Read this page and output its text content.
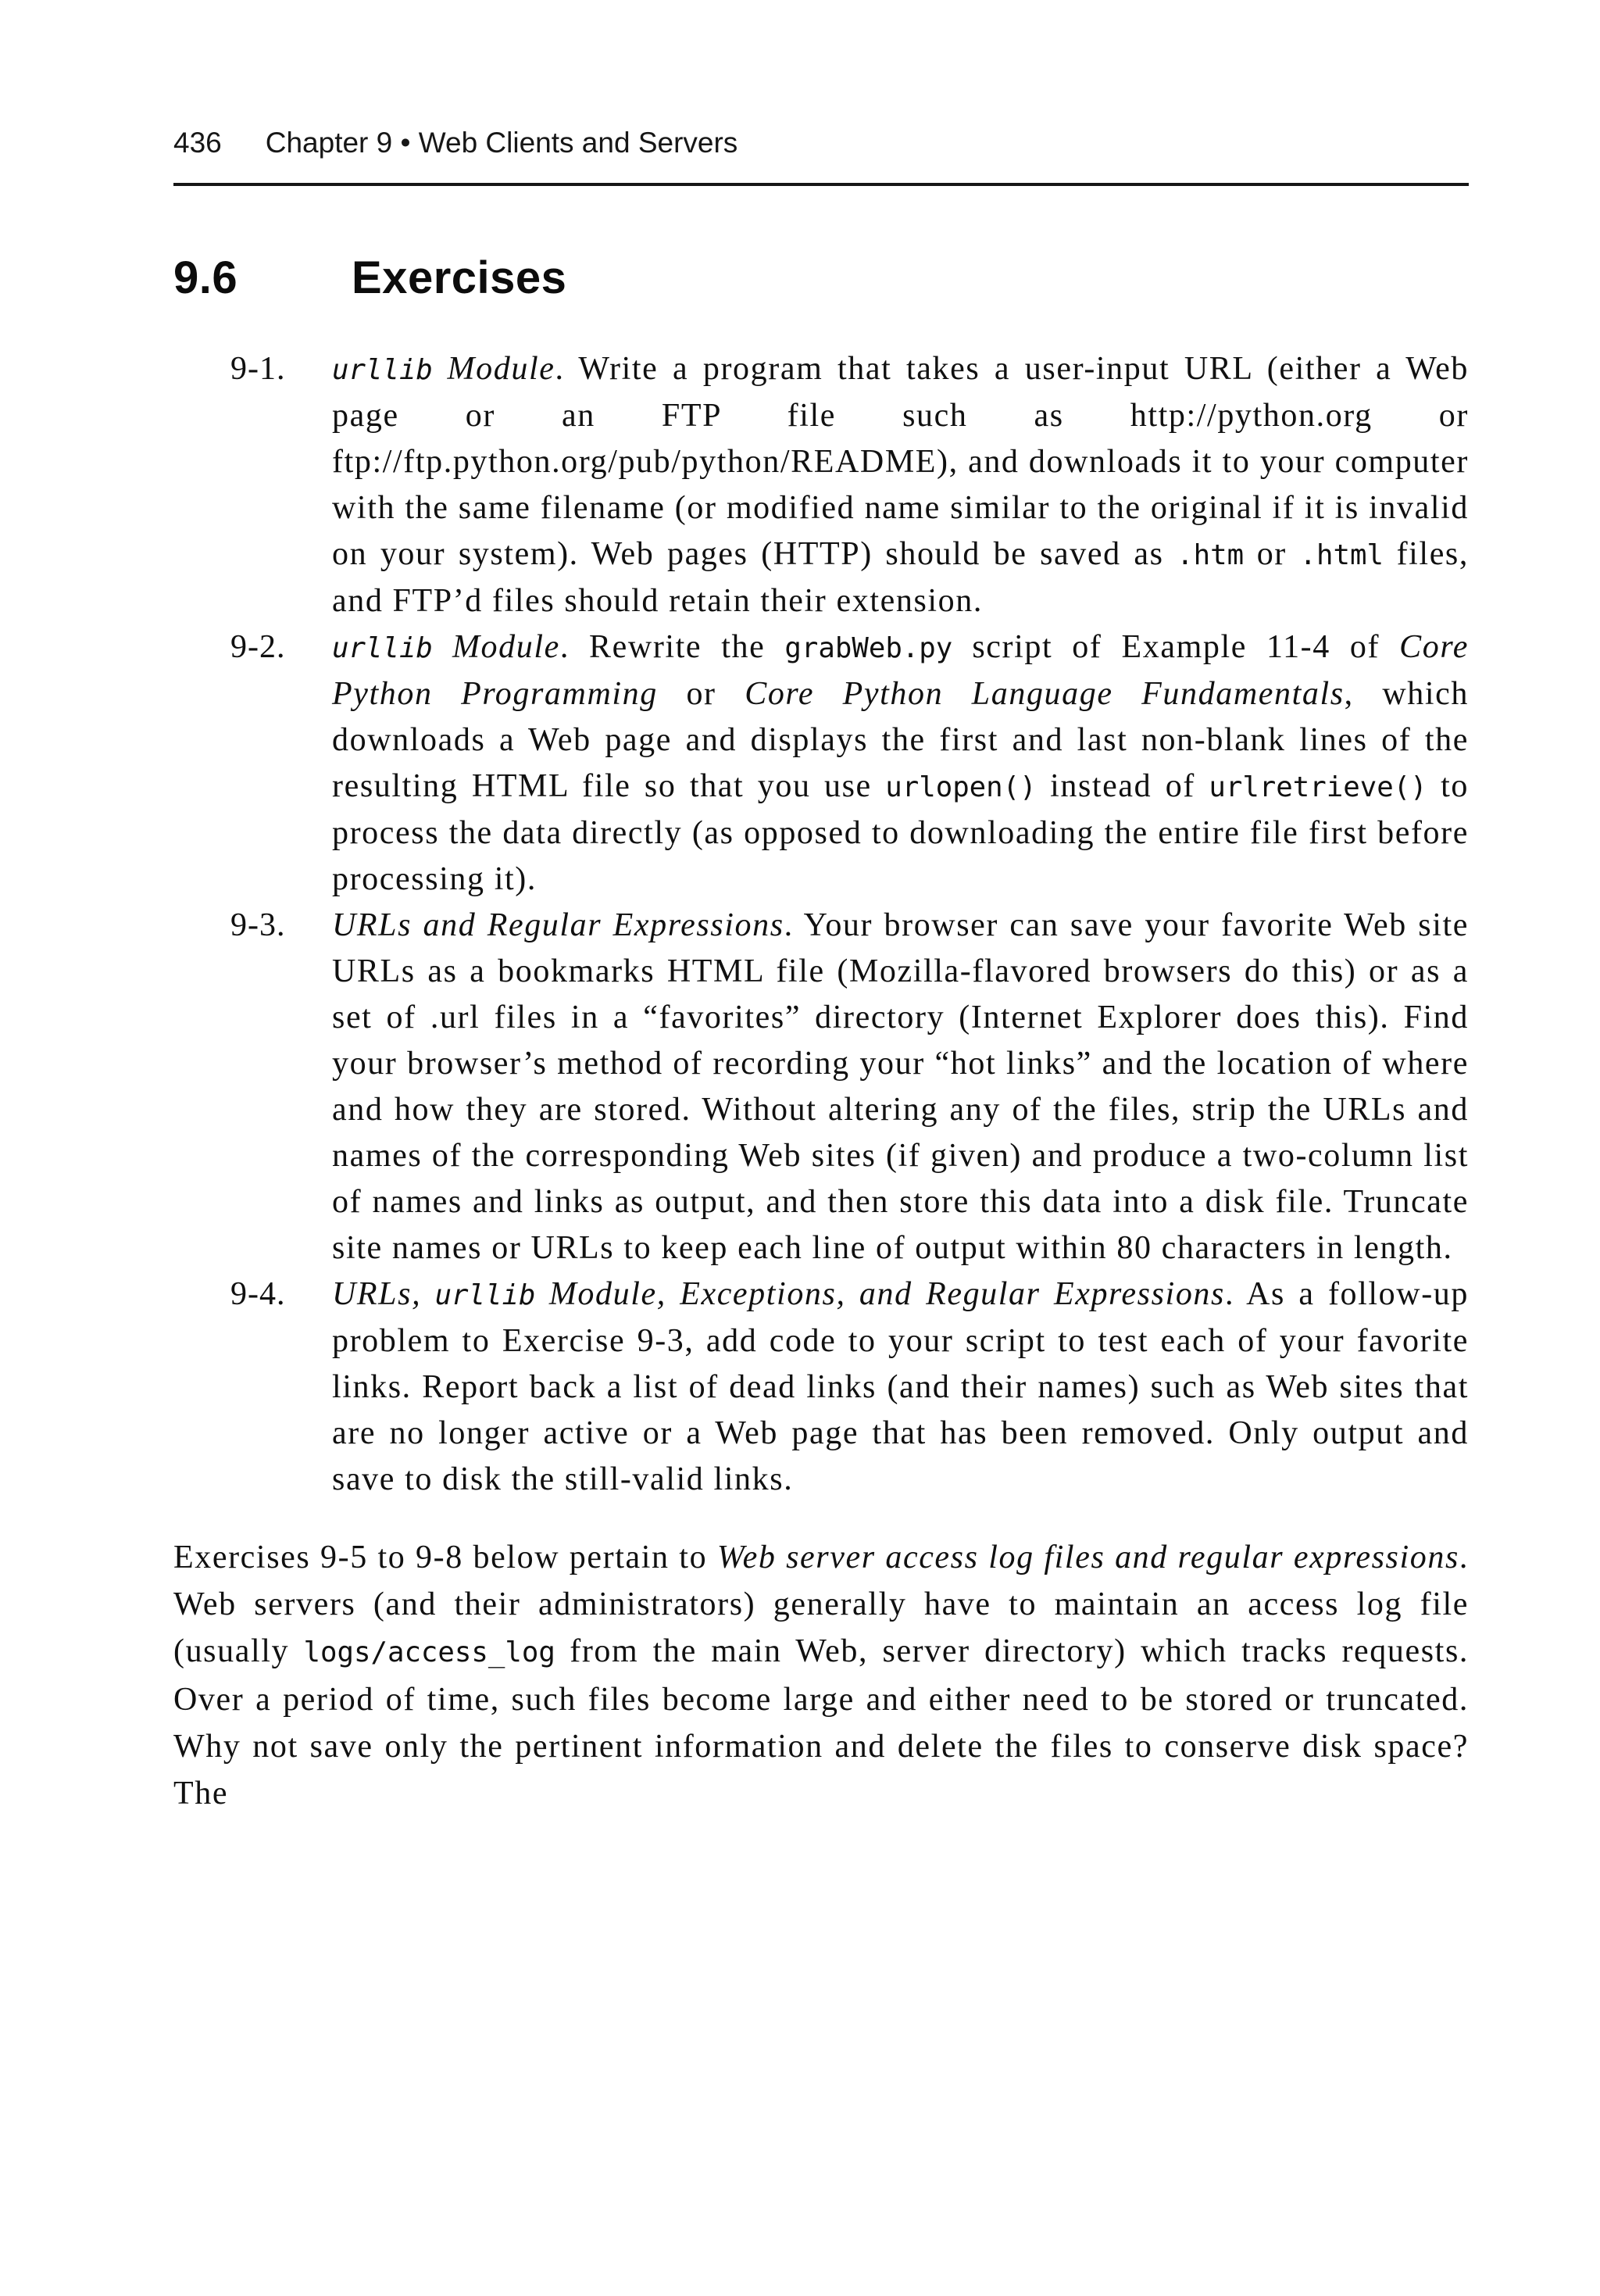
436 Chapter 9 • Web Clients and Servers
9.6	Exercises
9-1.	urllib Module. Write a program that takes a user-input URL (either a Web page or an FTP file such as http://python.org or ftp://ftp.python.org/pub/python/README), and downloads it to your computer with the same filename (or modified name similar to the original if it is invalid on your system). Web pages (HTTP) should be saved as .htm or .html files, and FTP’d files should retain their extension.
9-2.	urllib Module. Rewrite the grabWeb.py script of Example 11-4 of Core Python Programming or Core Python Language Fundamentals, which downloads a Web page and displays the first and last non-blank lines of the resulting HTML file so that you use urlopen() instead of urlretrieve() to process the data directly (as opposed to downloading the entire file first before processing it).
9-3.	URLs and Regular Expressions. Your browser can save your favorite Web site URLs as a bookmarks HTML file (Mozilla-flavored browsers do this) or as a set of .url files in a “favorites” directory (Internet Explorer does this). Find your browser’s method of recording your “hot links” and the location of where and how they are stored. Without altering any of the files, strip the URLs and names of the corresponding Web sites (if given) and produce a two-column list of names and links as output, and then store this data into a disk file. Truncate site names or URLs to keep each line of output within 80 characters in length.
9-4.	URLs, urllib Module, Exceptions, and Regular Expressions. As a follow-up problem to Exercise 9-3, add code to your script to test each of your favorite links. Report back a list of dead links (and their names) such as Web sites that are no longer active or a Web page that has been removed. Only output and save to disk the still-valid links.
Exercises 9-5 to 9-8 below pertain to Web server access log files and regular expressions. Web servers (and their administrators) generally have to maintain an access log file (usually logs/access_log from the main Web, server directory) which tracks requests. Over a period of time, such files become large and either need to be stored or truncated. Why not save only the pertinent information and delete the files to conserve disk space? The
